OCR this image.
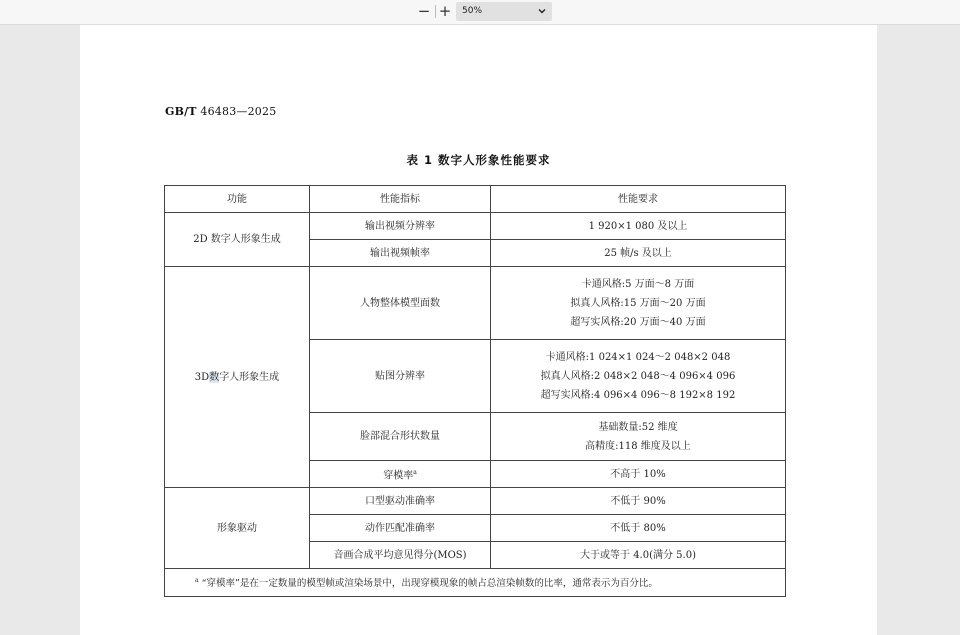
− +	50%
GB/T 46483—2025
表 1 数字人形象性能要求
功能	性能指标	性能要求
2D 数字人形象生成	输出视频分辨率	1 920×1 080 及以上
	输出视频帧率	25 帧/s 及以上
3D数字人形象生成	人物整体模型面数	卡通风格:5 万面～8 万面
拟真人风格:15 万面～20 万面
超写实风格:20 万面～40 万面

	贴图分辨率	卡通风格:1 024×1 024～2 048×2 048
拟真人风格:2 048×2 048～4 096×4 096
超写实风格:4 096×4 096～8 192×8 192

	脸部混合形状数量	基础数量:52 维度
高精度:118 维度及以上

	穿模率$^a$	不高于 10%
形象驱动	口型驱动准确率	不低于 90%
	动作匹配准确率	不低于 80%
	音画合成平均意见得分(MOS)	大于或等于 4.0(满分 5.0)
$^a$ “穿模率”是在一定数量的模型帧或渲染场景中，出现穿模现象的帧占总渲染帧数的比率，通常表示为百分比。		
